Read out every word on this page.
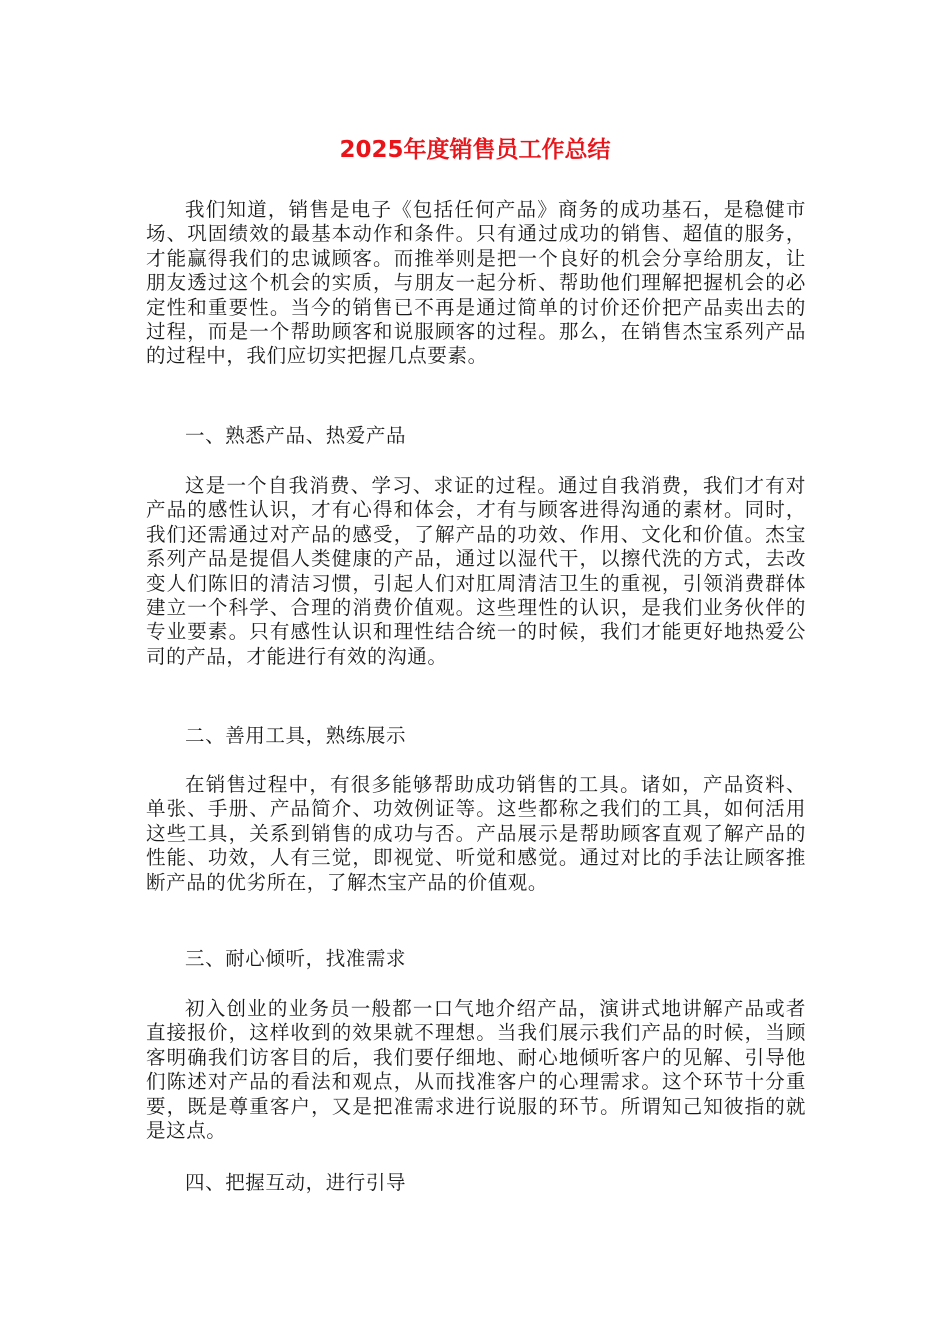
2025年度销售员工作总结

我们知道，销售是电子《包括任何产品》商务的成功基石，是稳健市场、巩固绩效的最基本动作和条件。只有通过成功的销售、超值的服务，才能赢得我们的忠诚顾客。而推举则是把一个良好的机会分享给朋友，让朋友透过这个机会的实质，与朋友一起分析、帮助他们理解把握机会的必定性和重要性。当今的销售已不再是通过简单的讨价还价把产品卖出去的过程，而是一个帮助顾客和说服顾客的过程。那么，在销售杰宝系列产品的过程中，我们应切实把握几点要素。

一、熟悉产品、热爱产品

这是一个自我消费、学习、求证的过程。通过自我消费，我们才有对产品的感性认识，才有心得和体会，才有与顾客进得沟通的素材。同时，我们还需通过对产品的感受，了解产品的功效、作用、文化和价值。杰宝系列产品是提倡人类健康的产品，通过以湿代干，以擦代洗的方式，去改变人们陈旧的清洁习惯，引起人们对肛周清洁卫生的重视，引领消费群体建立一个科学、合理的消费价值观。这些理性的认识，是我们业务伙伴的专业要素。只有感性认识和理性结合统一的时候，我们才能更好地热爱公司的产品，才能进行有效的沟通。

二、善用工具，熟练展示

在销售过程中，有很多能够帮助成功销售的工具。诸如，产品资料、单张、手册、产品简介、功效例证等。这些都称之我们的工具，如何活用这些工具，关系到销售的成功与否。产品展示是帮助顾客直观了解产品的性能、功效，人有三觉，即视觉、听觉和感觉。通过对比的手法让顾客推断产品的优劣所在，了解杰宝产品的价值观。

三、耐心倾听，找准需求

初入创业的业务员一般都一口气地介绍产品，演讲式地讲解产品或者直接报价，这样收到的效果就不理想。当我们展示我们产品的时候，当顾客明确我们访客目的后，我们要仔细地、耐心地倾听客户的见解、引导他们陈述对产品的看法和观点，从而找准客户的心理需求。这个环节十分重要，既是尊重客户，又是把准需求进行说服的环节。所谓知己知彼指的就是这点。

四、把握互动，进行引导
